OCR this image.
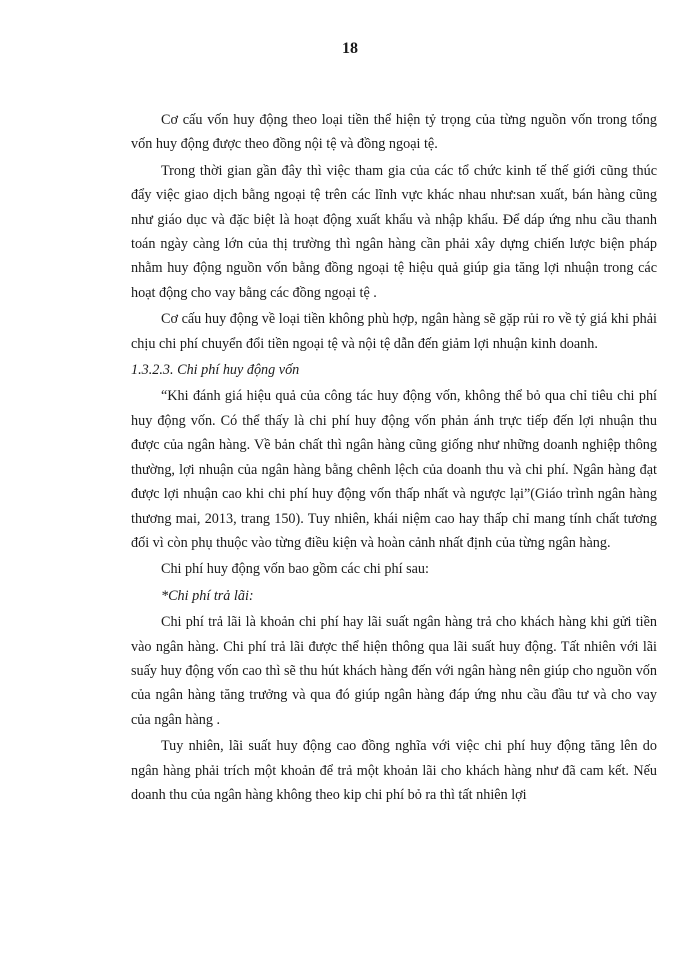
18

Cơ cấu vốn huy động theo loại tiền thể hiện tỷ trọng của từng nguồn vốn trong tổng vốn huy động được theo đồng nội tệ và đồng ngoại tệ.

Trong thời gian gần đây thì việc tham gia của các tổ chức kinh tế thế giới cũng thúc đẩy việc giao dịch bằng ngoại tệ trên các lĩnh vực khác nhau như:san xuất, bán hàng cũng như giáo dục và đặc biệt là hoạt động xuất khẩu và nhập khẩu. Để dáp ứng nhu cầu thanh toán ngày càng lớn của thị trường thì ngân hàng cần phải xây dựng chiến lược biện pháp nhằm huy động nguồn vốn bằng đồng ngoại tệ hiệu quả giúp gia tăng lợi nhuận trong các hoạt động cho vay bằng các đồng ngoại tệ .

Cơ cấu huy động về loại tiền không phù hợp, ngân hàng sẽ gặp rủi ro về tỷ giá khi phải chịu chi phí chuyển đổi tiền ngoại tệ và nội tệ dẫn đến giảm lợi nhuận kinh doanh.

1.3.2.3. Chi phí huy động vốn

“Khi đánh giá hiệu quả của công tác huy động vốn, không thể bỏ qua chỉ tiêu chi phí huy động vốn. Có thể thấy là chi phí huy động vốn phản ánh trực tiếp đến lợi nhuận thu được của ngân hàng. Về bản chất thì ngân hàng cũng giống như những doanh nghiệp thông thường, lợi nhuận của ngân hàng bằng chênh lệch của doanh thu và chi phí. Ngân hàng đạt được lợi nhuận cao khi chi phí huy động vốn thấp nhất và ngược lại”(Giáo trình ngân hàng thương mai, 2013, trang 150). Tuy nhiên, khái niệm cao hay thấp chỉ mang tính chất tương đối vì còn phụ thuộc vào từng điều kiện và hoàn cảnh nhất định của từng ngân hàng.

Chi phí huy động vốn bao gồm các chi phí sau:

*Chi phí trả lãi:

Chi phí trả lãi là khoản chi phí hay lãi suất ngân hàng trả cho khách hàng khi gửi tiền vào ngân hàng. Chi phí trả lãi được thể hiện thông qua lãi suất huy động. Tất nhiên với lãi suấy huy động vốn cao thì sẽ thu hút khách hàng đến với ngân hàng nên giúp cho nguồn vốn của ngân hàng tăng trưởng và qua đó giúp ngân hàng đáp ứng nhu cầu đầu tư và cho vay của ngân hàng .

Tuy nhiên, lãi suất huy động cao đồng nghĩa với việc chi phí huy động tăng lên do ngân hàng phải trích một khoản để trả một khoản lãi cho khách hàng như đã cam kết. Nếu doanh thu của ngân hàng không theo kip chi phí bỏ ra thì tất nhiên lợi
